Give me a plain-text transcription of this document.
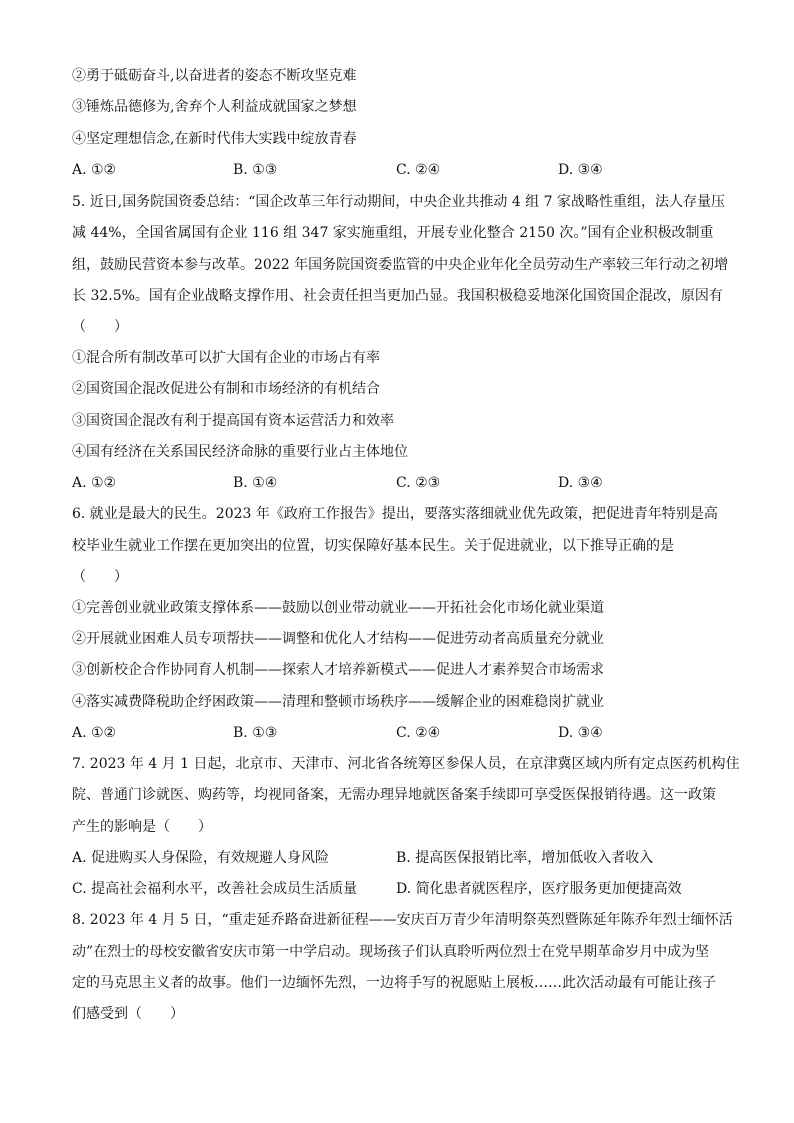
②勇于砥砺奋斗,以奋进者的姿态不断攻坚克难
③锤炼品德修为,舍弃个人利益成就国家之梦想
④坚定理想信念,在新时代伟大实践中绽放青春
A. ①②	B. ①③	C. ②④	D. ③④
5. 近日,国务院国资委总结：“国企改革三年行动期间，中央企业共推动 4 组 7 家战略性重组，法人存量压
减 44%，全国省属国有企业 116 组 347 家实施重组，开展专业化整合 2150 次。”国有企业积极改制重
组，鼓励民营资本参与改革。2022 年国务院国资委监管的中央企业年化全员劳动生产率较三年行动之初增
长 32.5%。国有企业战略支撑作用、社会责任担当更加凸显。我国积极稳妥地深化国资国企混改，原因有
（　　）
①混合所有制改革可以扩大国有企业的市场占有率
②国资国企混改促进公有制和市场经济的有机结合
③国资国企混改有利于提高国有资本运营活力和效率
④国有经济在关系国民经济命脉的重要行业占主体地位
A. ①②	B. ①④	C. ②③	D. ③④
6. 就业是最大的民生。2023 年《政府工作报告》提出，要落实落细就业优先政策，把促进青年特别是高
校毕业生就业工作摆在更加突出的位置，切实保障好基本民生。关于促进就业，以下推导正确的是
（　　）
①完善创业就业政策支撑体系——鼓励以创业带动就业——开拓社会化市场化就业渠道
②开展就业困难人员专项帮扶——调整和优化人才结构——促进劳动者高质量充分就业
③创新校企合作协同育人机制——探索人才培养新模式——促进人才素养契合市场需求
④落实减费降税助企纾困政策——清理和整顿市场秩序——缓解企业的困难稳岗扩就业
A. ①②	B. ①③	C. ②④	D. ③④
7. 2023 年 4 月 1 日起，北京市、天津市、河北省各统筹区参保人员，在京津冀区域内所有定点医药机构住
院、普通门诊就医、购药等，均视同备案，无需办理异地就医备案手续即可享受医保报销待遇。这一政策
产生的影响是（　　）
A. 促进购买人身保险，有效规避人身风险	B. 提高医保报销比率，增加低收入者收入
C. 提高社会福利水平，改善社会成员生活质量	D. 简化患者就医程序，医疗服务更加便捷高效
8. 2023 年 4 月 5 日，“重走延乔路奋进新征程——安庆百万青少年清明祭英烈暨陈延年陈乔年烈士缅怀活
动”在烈士的母校安徽省安庆市第一中学启动。现场孩子们认真聆听两位烈士在党早期革命岁月中成为坚
定的马克思主义者的故事。他们一边缅怀先烈，一边将手写的祝愿贴上展板……此次活动最有可能让孩子
们感受到（　　）
